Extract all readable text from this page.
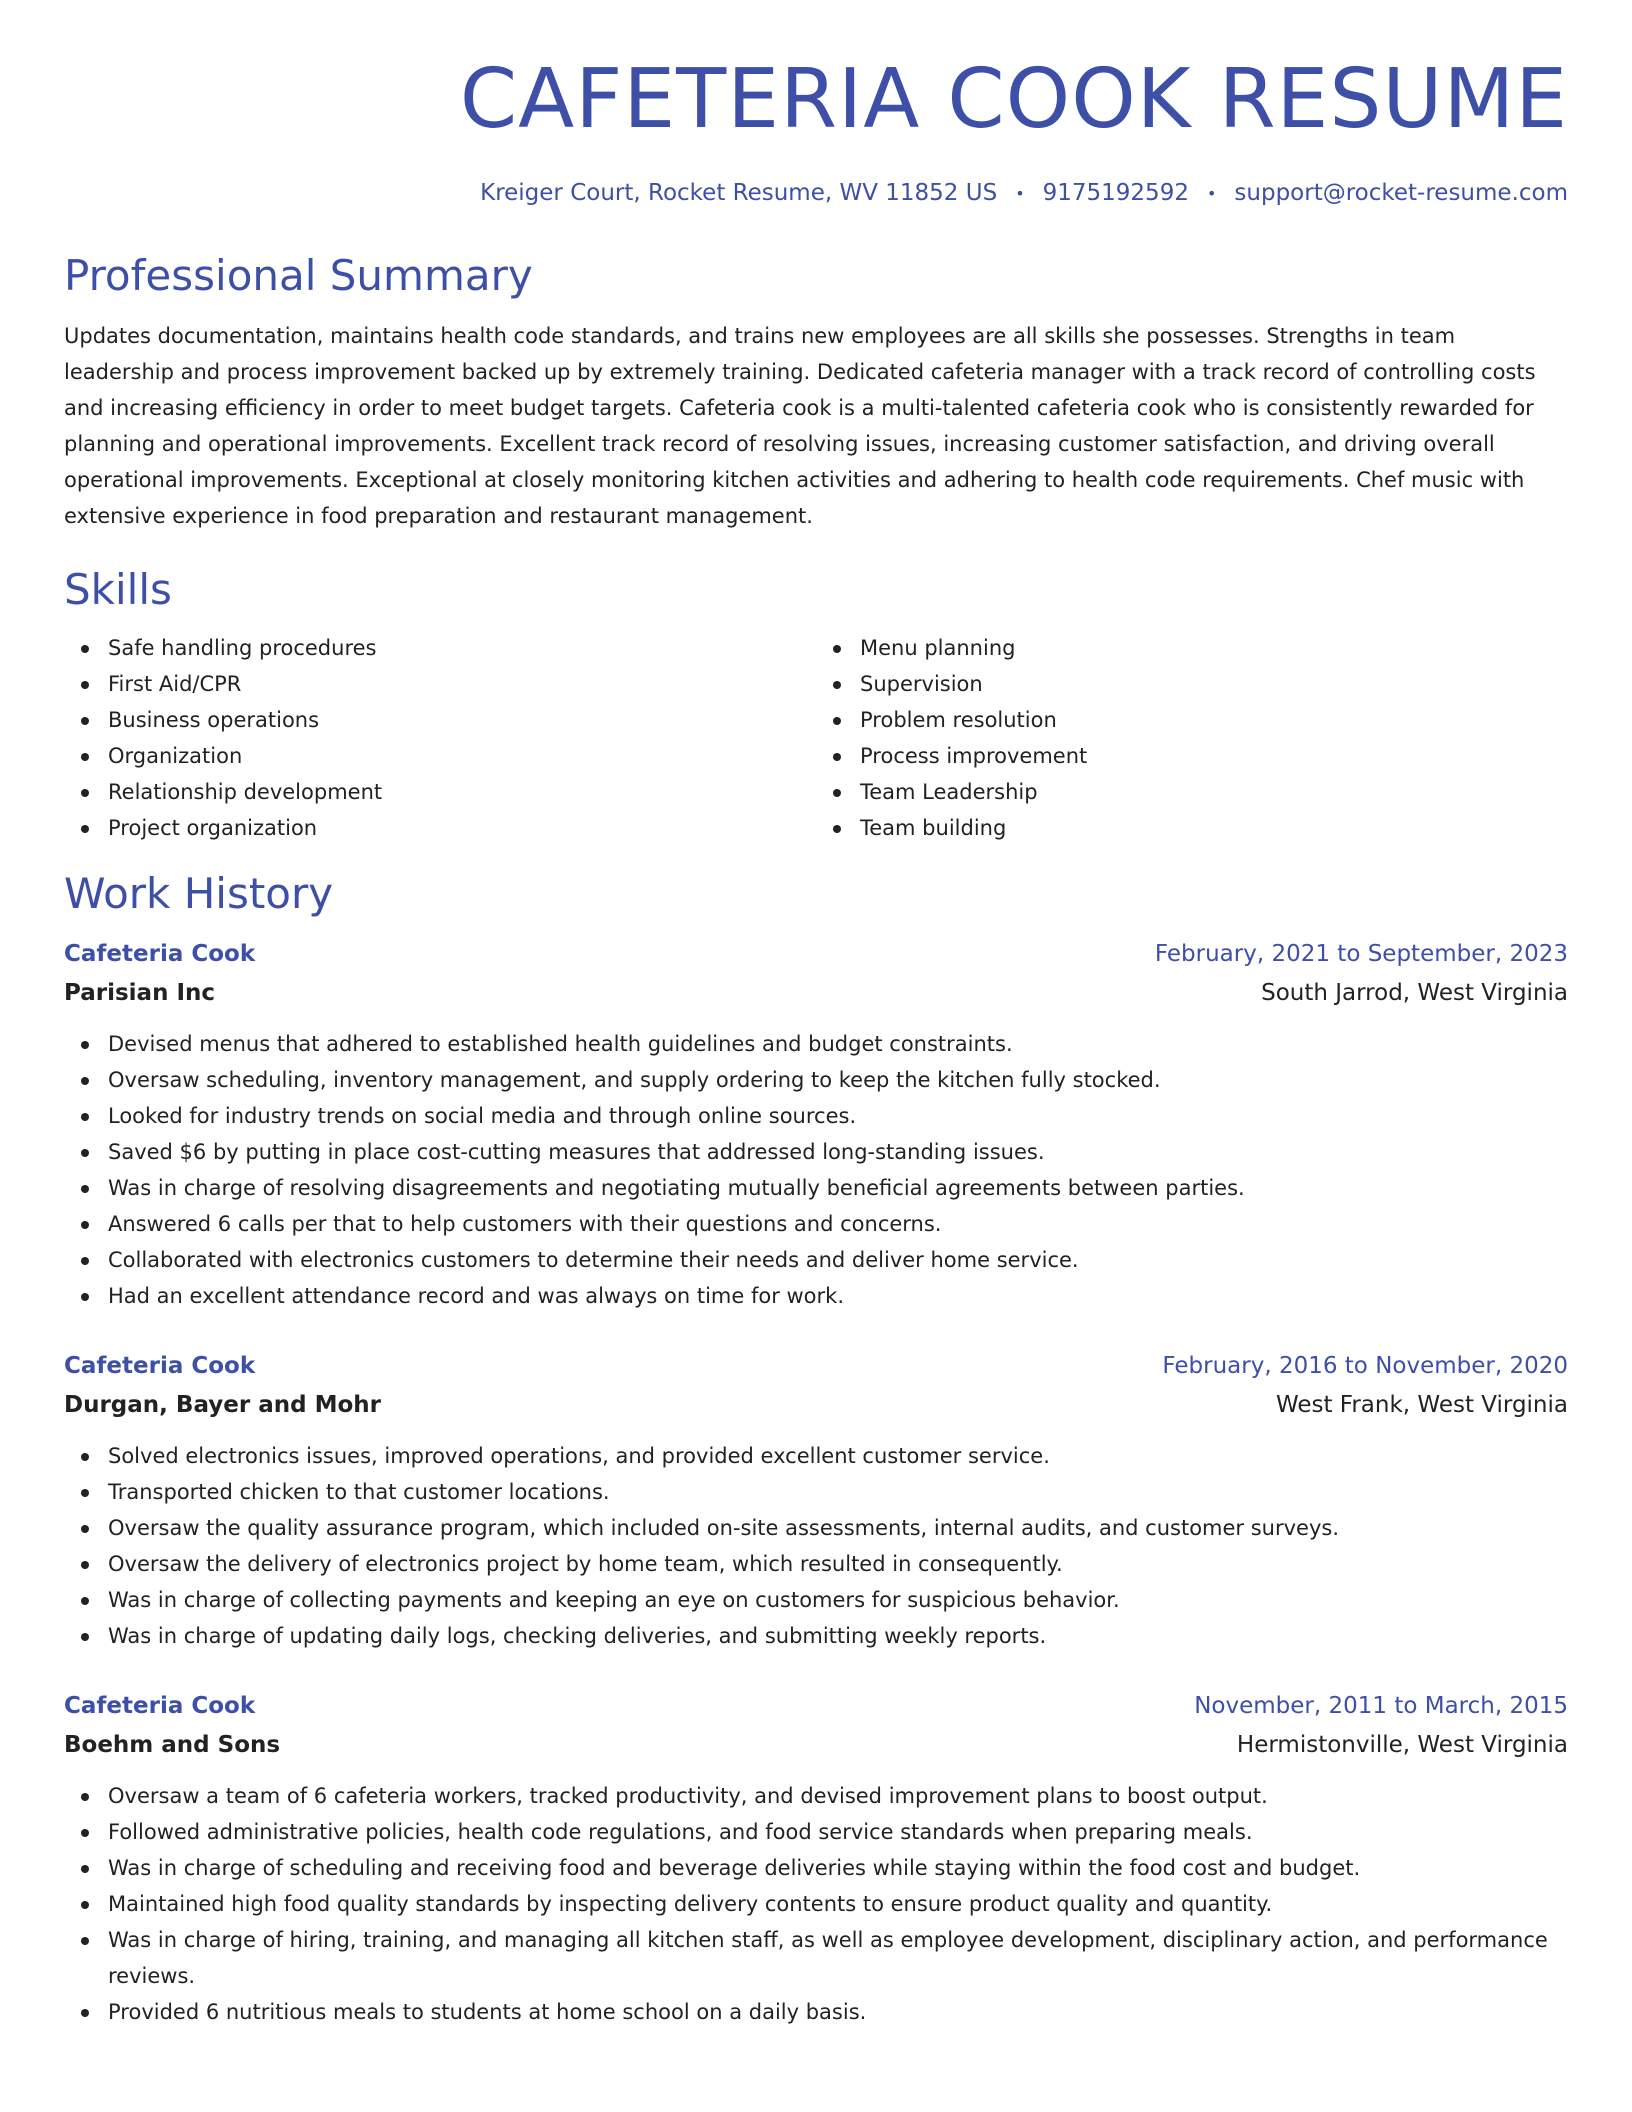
CAFETERIA COOK RESUME
Kreiger Court, Rocket Resume, WV 11852 US • 9175192592 • support@rocket-resume.com
Professional Summary

Updates documentation, maintains health code standards, and trains new employees are all skills she possesses. Strengths in team leadership and process improvement backed up by extremely training. Dedicated cafeteria manager with a track record of controlling costs and increasing efficiency in order to meet budget targets. Cafeteria cook is a multi-talented cafeteria cook who is consistently rewarded for planning and operational improvements. Excellent track record of resolving issues, increasing customer satisfaction, and driving overall operational improvements. Exceptional at closely monitoring kitchen activities and adhering to health code requirements. Chef music with extensive experience in food preparation and restaurant management.

Skills
Safe handling procedures
First Aid/CPR
Business operations
Organization
Relationship development
Project organization
Menu planning
Supervision
Problem resolution
Process improvement
Team Leadership
Team building
Work History
Cafeteria Cook	February, 2021 to September, 2023
Parisian Inc	South Jarrod, West Virginia
Devised menus that adhered to established health guidelines and budget constraints.
Oversaw scheduling, inventory management, and supply ordering to keep the kitchen fully stocked.
Looked for industry trends on social media and through online sources.
Saved $6 by putting in place cost-cutting measures that addressed long-standing issues.
Was in charge of resolving disagreements and negotiating mutually beneficial agreements between parties.
Answered 6 calls per that to help customers with their questions and concerns.
Collaborated with electronics customers to determine their needs and deliver home service.
Had an excellent attendance record and was always on time for work.
Cafeteria Cook	February, 2016 to November, 2020
Durgan, Bayer and Mohr	West Frank, West Virginia
Solved electronics issues, improved operations, and provided excellent customer service.
Transported chicken to that customer locations.
Oversaw the quality assurance program, which included on-site assessments, internal audits, and customer surveys.
Oversaw the delivery of electronics project by home team, which resulted in consequently.
Was in charge of collecting payments and keeping an eye on customers for suspicious behavior.
Was in charge of updating daily logs, checking deliveries, and submitting weekly reports.
Cafeteria Cook	November, 2011 to March, 2015
Boehm and Sons	Hermistonville, West Virginia
Oversaw a team of 6 cafeteria workers, tracked productivity, and devised improvement plans to boost output.
Followed administrative policies, health code regulations, and food service standards when preparing meals.
Was in charge of scheduling and receiving food and beverage deliveries while staying within the food cost and budget.
Maintained high food quality standards by inspecting delivery contents to ensure product quality and quantity.
Was in charge of hiring, training, and managing all kitchen staff, as well as employee development, disciplinary action, and performance reviews.
Provided 6 nutritious meals to students at home school on a daily basis.
